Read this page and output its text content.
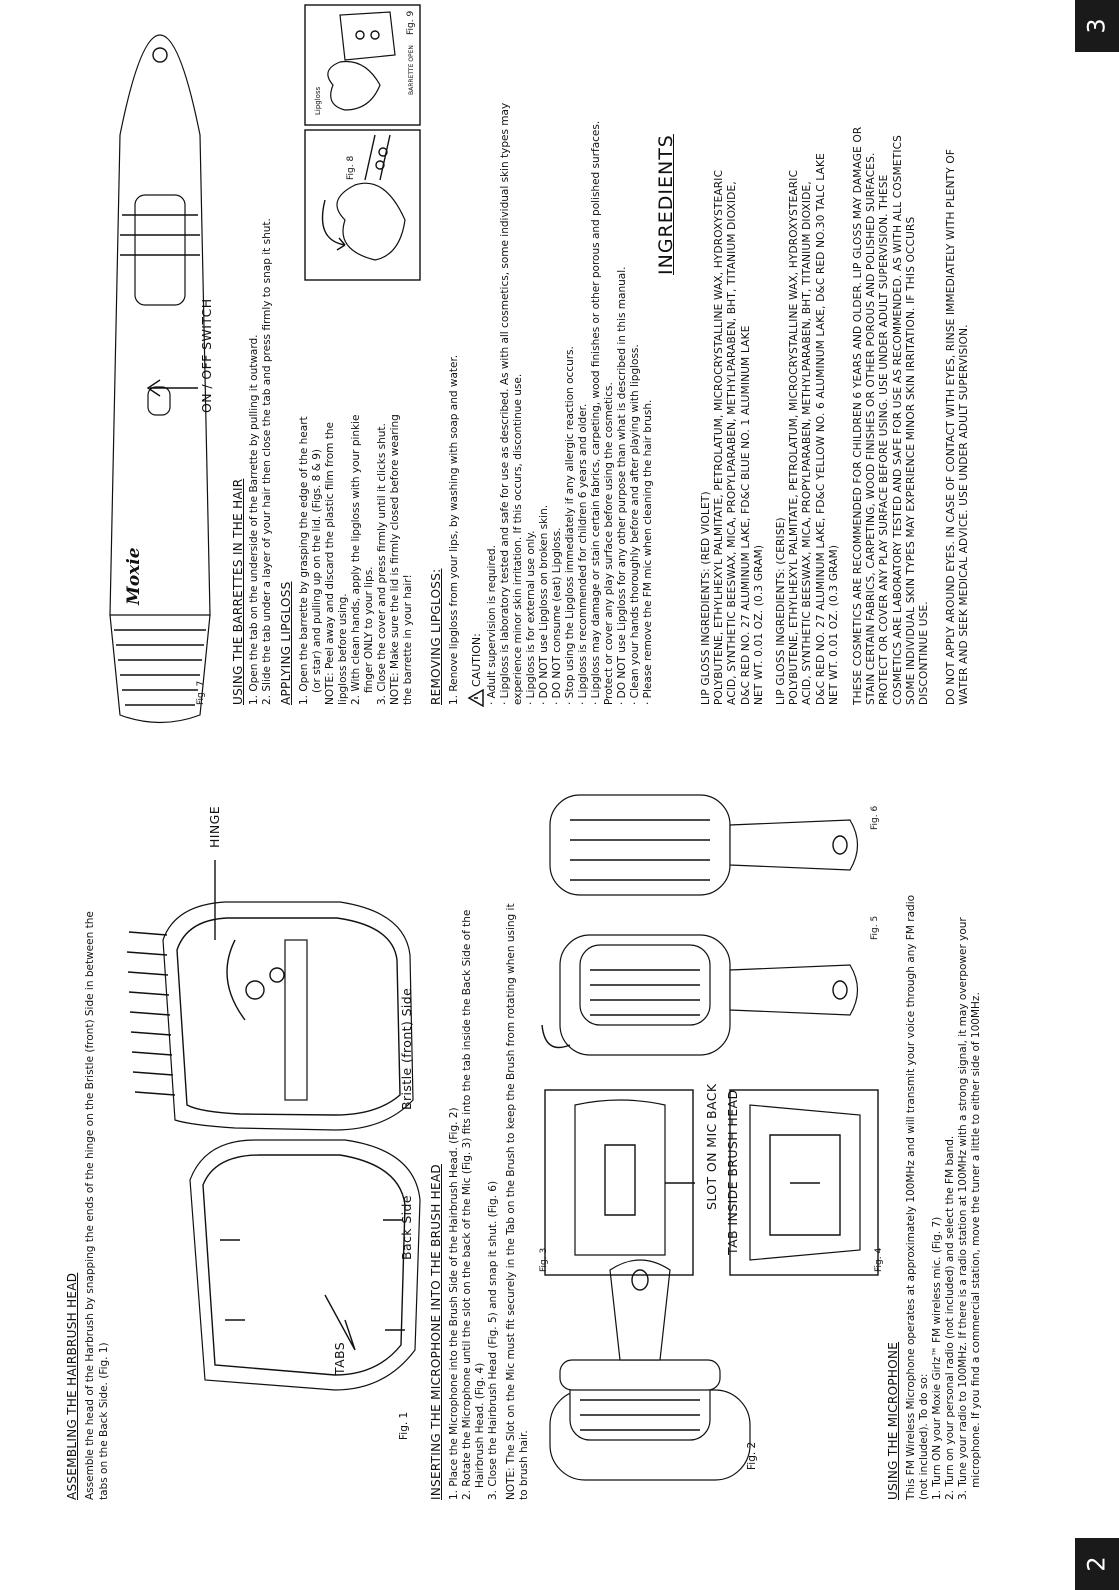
3
2
ASSEMBLING THE HAIRBRUSH HEAD Assemble the head of the Harbrush by snapping the ends of the hinge on the Bristle (front) Side in between the tabs on the Back Side. (Fig. 1)	TABS
HINGE
Fig. 1
Back Side
Bristle (front) Side
INSERTING THE MICROPHONE INTO THE BRUSH HEAD 1. Place the Microphone into the Brush Side of the Hairbrush Head. (Fig. 2) 2. Rotate the Microphone until the slot on the back of the Mic (Fig. 3) fits into the tab inside the Back Side of the Hairbrush Head. (Fig. 4) 3. Close the Hairbrush Head (Fig. 5) and snap it shut. (Fig. 6) NOTE: The Slot on the Mic must fit securely in the Tab on the Brush to keep the Brush from rotating when using it to brush hair.	Fig. 2
Fig. 3
SLOT ON MIC BACK TAB INSIDE BRUSH HEAD
Fig. 4
Fig. 5
Fig. 6
USING THE MICROPHONE This FM Wireless Microphone operates at approximately 100MHz and will transmit your voice through any FM radio (not included). To do so: 1. Turn ON your Moxie Girlz™ FM wireless mic. (Fig. 7) 2. Turn on your personal radio (not included) and select the FM band. 3. Tune your radio to 100MHz. If there is a radio station at 100MHz with a strong signal, it may overpower your microphone. If you find a commercial station, move the tuner a little to either side of 100MHz.
Moxie
ON / OFF SWITCH
Fig. 7 USING THE BARRETTES IN THE HAIR 1. Open the tab on the underside of the Barrette by pulling it outward. 2. Slide the tab under a layer of your hair then close the tab and press firmly to snap it shut. APPLYING LIPGLOSS 1. Open the barrette by grasping the edge of the heart (or star) and pulling up on the lid. (Figs. 8 & 9) NOTE: Peel away and discard the plastic film from the lipgloss before using. 2. With clean hands, apply the lipgloss with your pinkie finger ONLY to your lips. 3. Close the cover and press firmly until it clicks shut. NOTE: Make sure the lid is firmly closed before wearing the barrette in your hair!
Fig. 8
Fig. 9
Lipgloss
BARRETTE OPEN
REMOVING LIPGLOSS: 1. Renove lipgloss from your lips, by washing with soap and water. CAUTION: · Adult supervision is required. · Lipgloss is laboratory tested and safe for use as described. As with all cosmetics, some individual skin types may experience minor skin irritation. If this occurs, discontinue use. · Lipgloss is for external use only. · DO NOT use Lipgloss on broken skin. · DO NOT consume (eat) Lipgloss. · Stop using the Lipgloss immediately if any allergic reaction occurs. · Lipgloss is recommended for children 6 years and older. · Lipgloss may damage or stain certain fabrics, carpeting, wood finishes or other porous and polished surfaces. Protect or cover any play surface before using the cosmetics. · DO NOT use Lipgloss for any other purpose than what is described in this manual. · Clean your hands thoroughly before and after playing with lipgloss. · Please remove the FM mic when cleaning the hair brush.
INGREDIENTS
LIP GLOSS INGREDIENTS: (RED VIOLET) POLYBUTENE, ETHYLHEXYL PALMITATE, PETROLATUM, MICROCRYSTALLINE WAX, HYDROXYSTEARIC ACID, SYNTHETIC BEESWAX, MICA, PROPYLPARABEN, METHYLPARABEN, BHT, TITANIUM DIOXIDE, D&C RED NO. 27 ALUMINUM LAKE, FD&C BLUE NO. 1 ALUMINUM LAKE NET WT. 0.01 OZ. (0.3 GRAM) LIP GLOSS INGREDIENTS: (CERISE) POLYBUTENE, ETHYLHEXYL PALMITATE, PETROLATUM, MICROCRYSTALLINE WAX, HYDROXYSTEARIC ACID, SYNTHETIC BEESWAX, MICA, PROPYLPARABEN, METHYLPARABEN, BHT, TITANIUM DIOXIDE, D&C RED NO. 27 ALUMINUM LAKE, FD&C YELLOW NO. 6 ALUMINUM LAKE, D&C RED NO.30 TALC LAKE NET WT. 0.01 OZ. (0.3 GRAM) THESE COSMETICS ARE RECOMMENDED FOR CHILDREN 6 YEARS AND OLDER. LIP GLOSS MAY DAMAGE OR STAIN CERTAIN FABRICS, CARPETING, WOOD FINISHES OR OTHER POROUS AND POLISHED SURFACES. PROTECT OR COVER ANY PLAY SURFACE BEFORE USING. USE UNDER ADULT SUPERVISION. THESE COSMETICS ARE LABORATORY TESTED AND SAFE FOR USE AS RECOMMENDED. AS WITH ALL COSMETICS SOME INDIVIDUAL SKIN TYPES MAY EXPERIENCE MINOR SKIN IRRITATION. IF THIS OCCURS DISCONTINUE USE. DO NOT APPLY AROUND EYES. IN CASE OF CONTACT WITH EYES, RINSE IMMEDIATELY WITH PLENTY OF WATER AND SEEK MEDICAL ADVICE. USE UNDER ADULT SUPERVISION.
